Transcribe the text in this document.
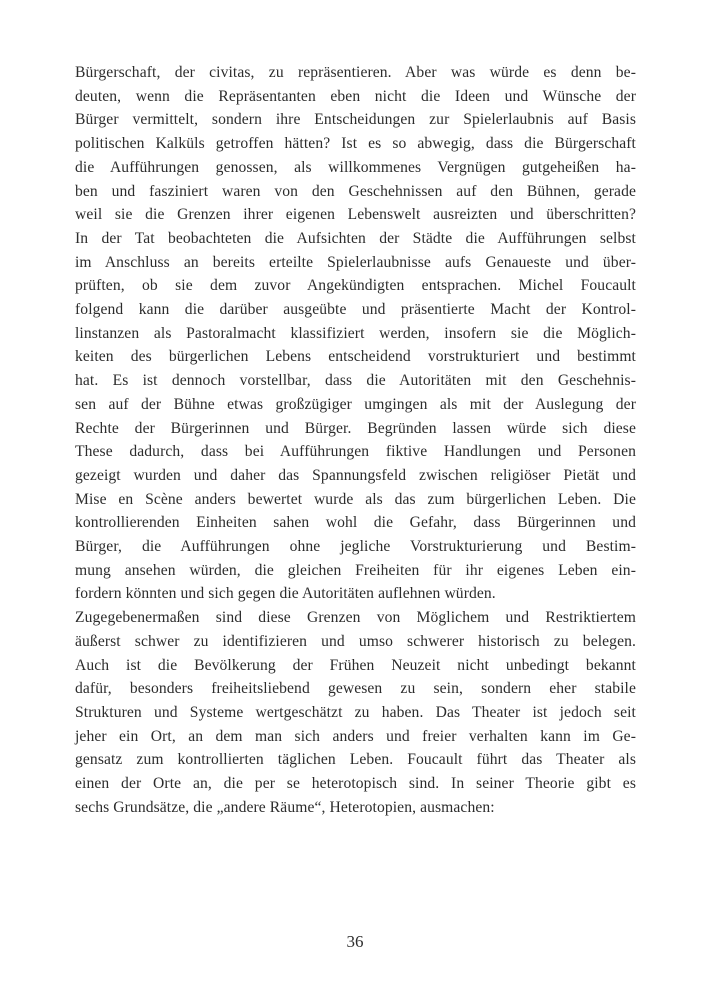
Bürgerschaft, der civitas, zu repräsentieren. Aber was würde es denn be-
deuten, wenn die Repräsentanten eben nicht die Ideen und Wünsche der
Bürger vermittelt, sondern ihre Entscheidungen zur Spielerlaubnis auf Basis
politischen Kalküls getroffen hätten? Ist es so abwegig, dass die Bürgerschaft
die Aufführungen genossen, als willkommenes Vergnügen gutgeheißen ha-
ben und fasziniert waren von den Geschehnissen auf den Bühnen, gerade
weil sie die Grenzen ihrer eigenen Lebenswelt ausreizten und überschritten?
In der Tat beobachteten die Aufsichten der Städte die Aufführungen selbst
im Anschluss an bereits erteilte Spielerlaubnisse aufs Genaueste und über-
prüften, ob sie dem zuvor Angekündigten entsprachen. Michel Foucault
folgend kann die darüber ausgeübte und präsentierte Macht der Kontrol-
linstanzen als Pastoralmacht klassifiziert werden, insofern sie die Möglich-
keiten des bürgerlichen Lebens entscheidend vorstrukturiert und bestimmt
hat. Es ist dennoch vorstellbar, dass die Autoritäten mit den Geschehnis-
sen auf der Bühne etwas großzügiger umgingen als mit der Auslegung der
Rechte der Bürgerinnen und Bürger. Begründen lassen würde sich diese
These dadurch, dass bei Aufführungen fiktive Handlungen und Personen
gezeigt wurden und daher das Spannungsfeld zwischen religiöser Pietät und
Mise en Scène anders bewertet wurde als das zum bürgerlichen Leben. Die
kontrollierenden Einheiten sahen wohl die Gefahr, dass Bürgerinnen und
Bürger, die Aufführungen ohne jegliche Vorstrukturierung und Bestim-
mung ansehen würden, die gleichen Freiheiten für ihr eigenes Leben ein-
fordern könnten und sich gegen die Autoritäten auflehnen würden.
Zugegebenermaßen sind diese Grenzen von Möglichem und Restriktiertem
äußerst schwer zu identifizieren und umso schwerer historisch zu belegen.
Auch ist die Bevölkerung der Frühen Neuzeit nicht unbedingt bekannt
dafür, besonders freiheitsliebend gewesen zu sein, sondern eher stabile
Strukturen und Systeme wertgeschätzt zu haben. Das Theater ist jedoch seit
jeher ein Ort, an dem man sich anders und freier verhalten kann im Ge-
gensatz zum kontrollierten täglichen Leben. Foucault führt das Theater als
einen der Orte an, die per se heterotopisch sind. In seiner Theorie gibt es
sechs Grundsätze, die „andere Räume“, Heterotopien, ausmachen:
36
